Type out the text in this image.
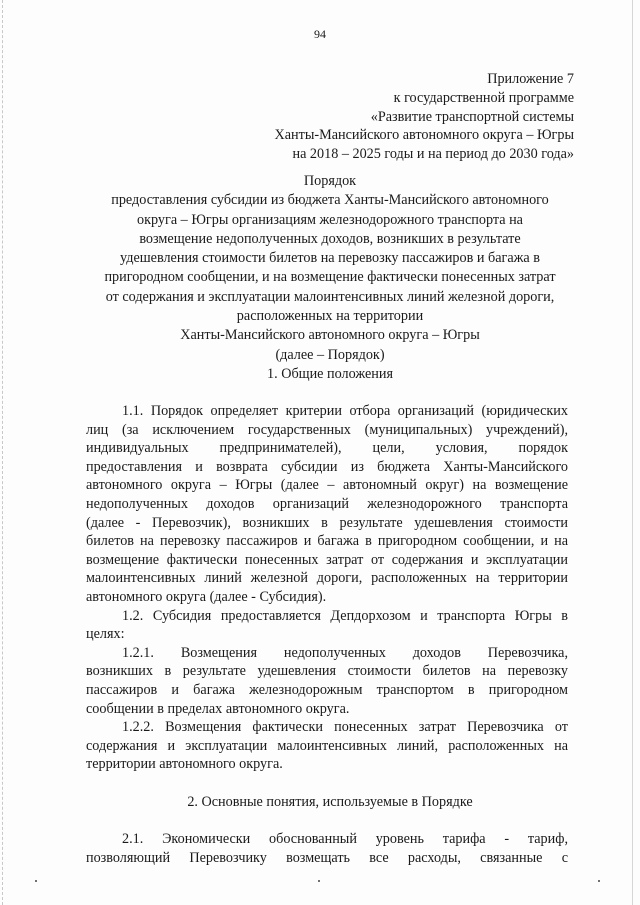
94
Приложение 7
к государственной программе
«Развитие транспортной системы
Ханты-Мансийского автономного округа – Югры
на 2018 – 2025 годы и на период до 2030 года»
Порядок
предоставления субсидии из бюджета Ханты-Мансийского автономного
округа – Югры организациям железнодорожного транспорта на
возмещение недополученных доходов, возникших в результате
удешевления стоимости билетов на перевозку пассажиров и багажа в
пригородном сообщении, и на возмещение фактически понесенных затрат
от содержания и эксплуатации малоинтенсивных линий железной дороги,
расположенных на территории
Ханты-Мансийского автономного округа – Югры
(далее – Порядок)
1. Общие положения
1.1. Порядок определяет критерии отбора организаций (юридических
лиц (за исключением государственных (муниципальных) учреждений),
индивидуальных предпринимателей), цели, условия, порядок
предоставления и возврата субсидии из бюджета Ханты-Мансийского
автономного округа – Югры (далее – автономный округ) на возмещение
недополученных доходов организаций железнодорожного транспорта
(далее - Перевозчик), возникших в результате удешевления стоимости
билетов на перевозку пассажиров и багажа в пригородном сообщении, и на
возмещение фактически понесенных затрат от содержания и эксплуатации
малоинтенсивных линий железной дороги, расположенных на территории
автономного округа (далее - Субсидия).
1.2. Субсидия предоставляется Депдорхозом и транспорта Югры в
целях:
1.2.1. Возмещения недополученных доходов Перевозчика,
возникших в результате удешевления стоимости билетов на перевозку
пассажиров и багажа железнодорожным транспортом в пригородном
сообщении в пределах автономного округа.
1.2.2. Возмещения фактически понесенных затрат Перевозчика от
содержания и эксплуатации малоинтенсивных линий, расположенных на
территории автономного округа.
2. Основные понятия, используемые в Порядке
2.1. Экономически обоснованный уровень тарифа - тариф,
позволяющий Перевозчику возмещать все расходы, связанные с
